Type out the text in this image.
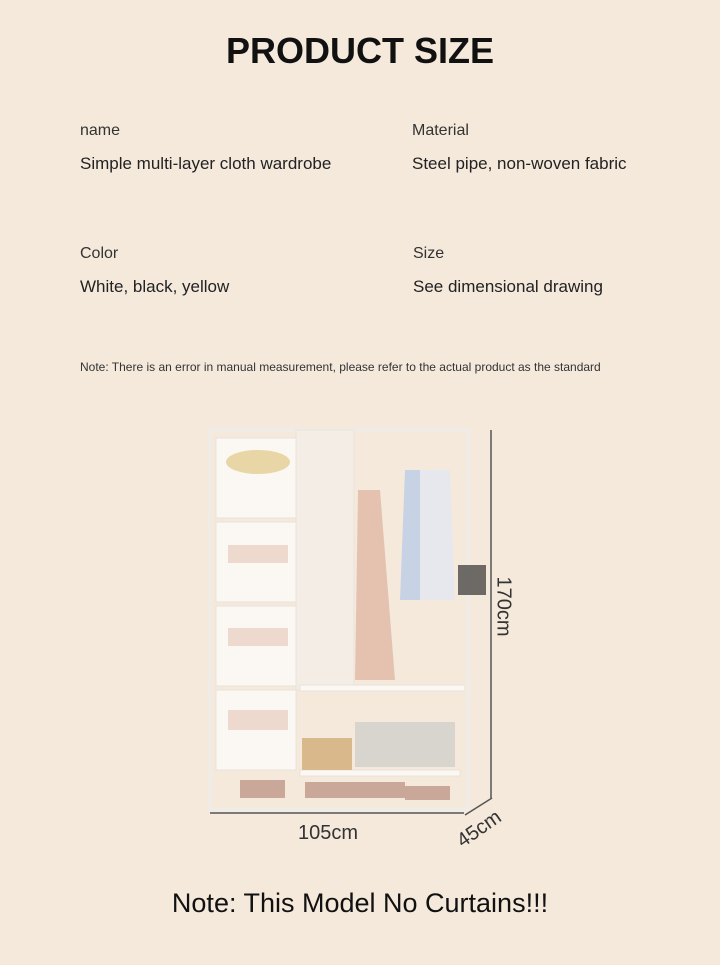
PRODUCT SIZE
name
Simple multi-layer cloth wardrobe
Material
Steel pipe, non-woven fabric
Color
White, black, yellow
Size
See dimensional drawing
Note: There is an error in manual measurement, please refer to the actual product as the standard
105cm
170cm
45cm
Note: This Model No Curtains!!!
